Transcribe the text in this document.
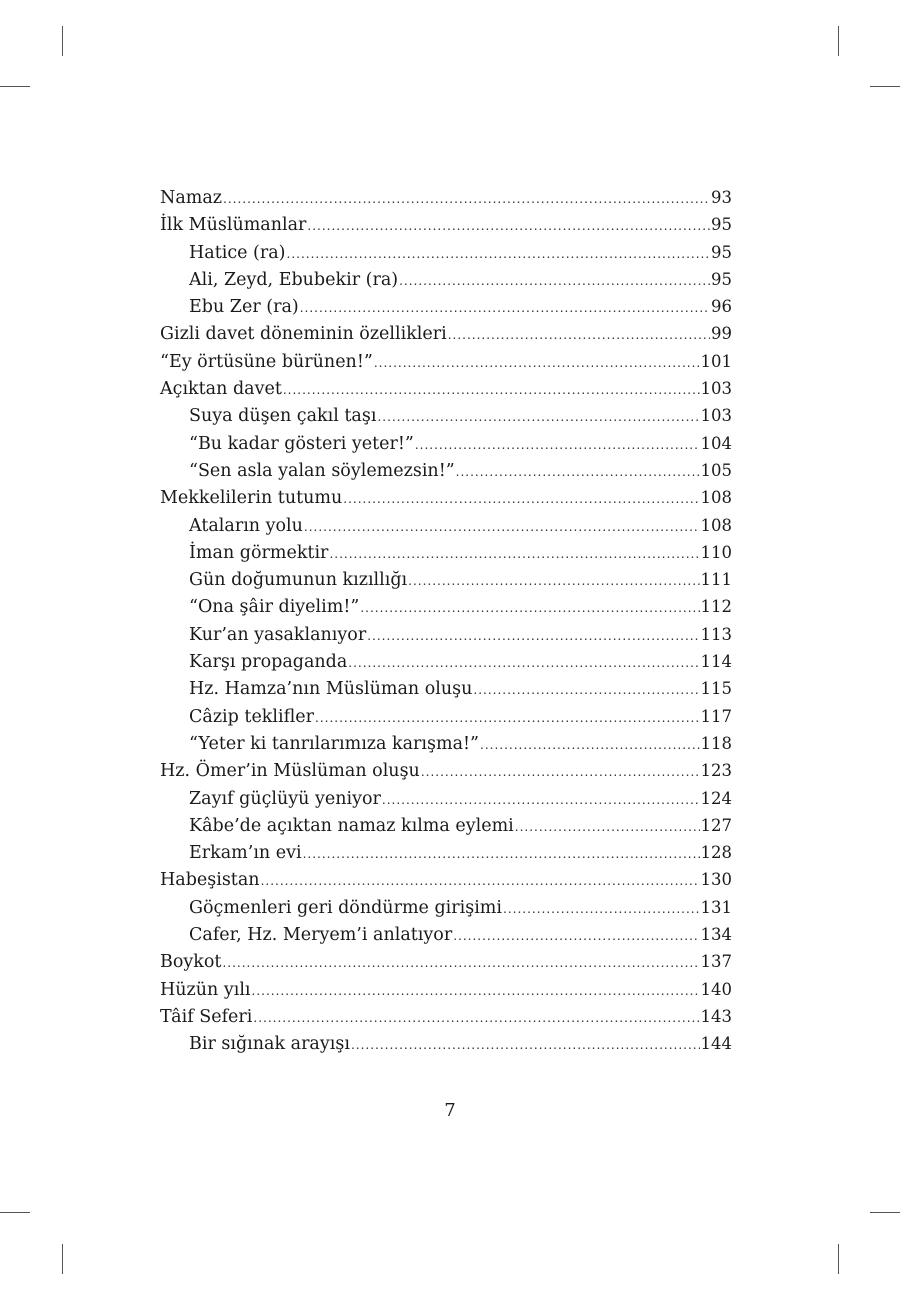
Namaz .....	93
İlk Müslümanlar .....	95
Hatice (ra) .....	95
Ali, Zeyd, Ebubekir (ra) .....	95
Ebu Zer (ra) .....	96
Gizli davet döneminin özellikleri .....	99
“Ey örtüsüne bürünen!” .....	101
Açıktan davet .....	103
Suya düşen çakıl taşı .....	103
“Bu kadar gösteri yeter!” .....	104
“Sen asla yalan söylemezsin!” .....	105
Mekkelilerin tutumu .....	108
Ataların yolu .....	108
İman görmektir .....	110
Gün doğumunun kızıllığı .....	111
“Ona şâir diyelim!” .....	112
Kur’an yasaklanıyor .....	113
Karşı propaganda .....	114
Hz. Hamza’nın Müslüman oluşu .....	115
Câzip teklifler .....	117
“Yeter ki tanrılarımıza karışma!” .....	118
Hz. Ömer’in Müslüman oluşu .....	123
Zayıf güçlüyü yeniyor .....	124
Kâbe’de açıktan namaz kılma eylemi .....	127
Erkam’ın evi .....	128
Habeşistan .....	130
Göçmenleri geri döndürme girişimi .....	131
Cafer, Hz. Meryem’i anlatıyor .....	134
Boykot .....	137
Hüzün yılı .....	140
Tâif Seferi .....	143
Bir sığınak arayışı .....	144
7
